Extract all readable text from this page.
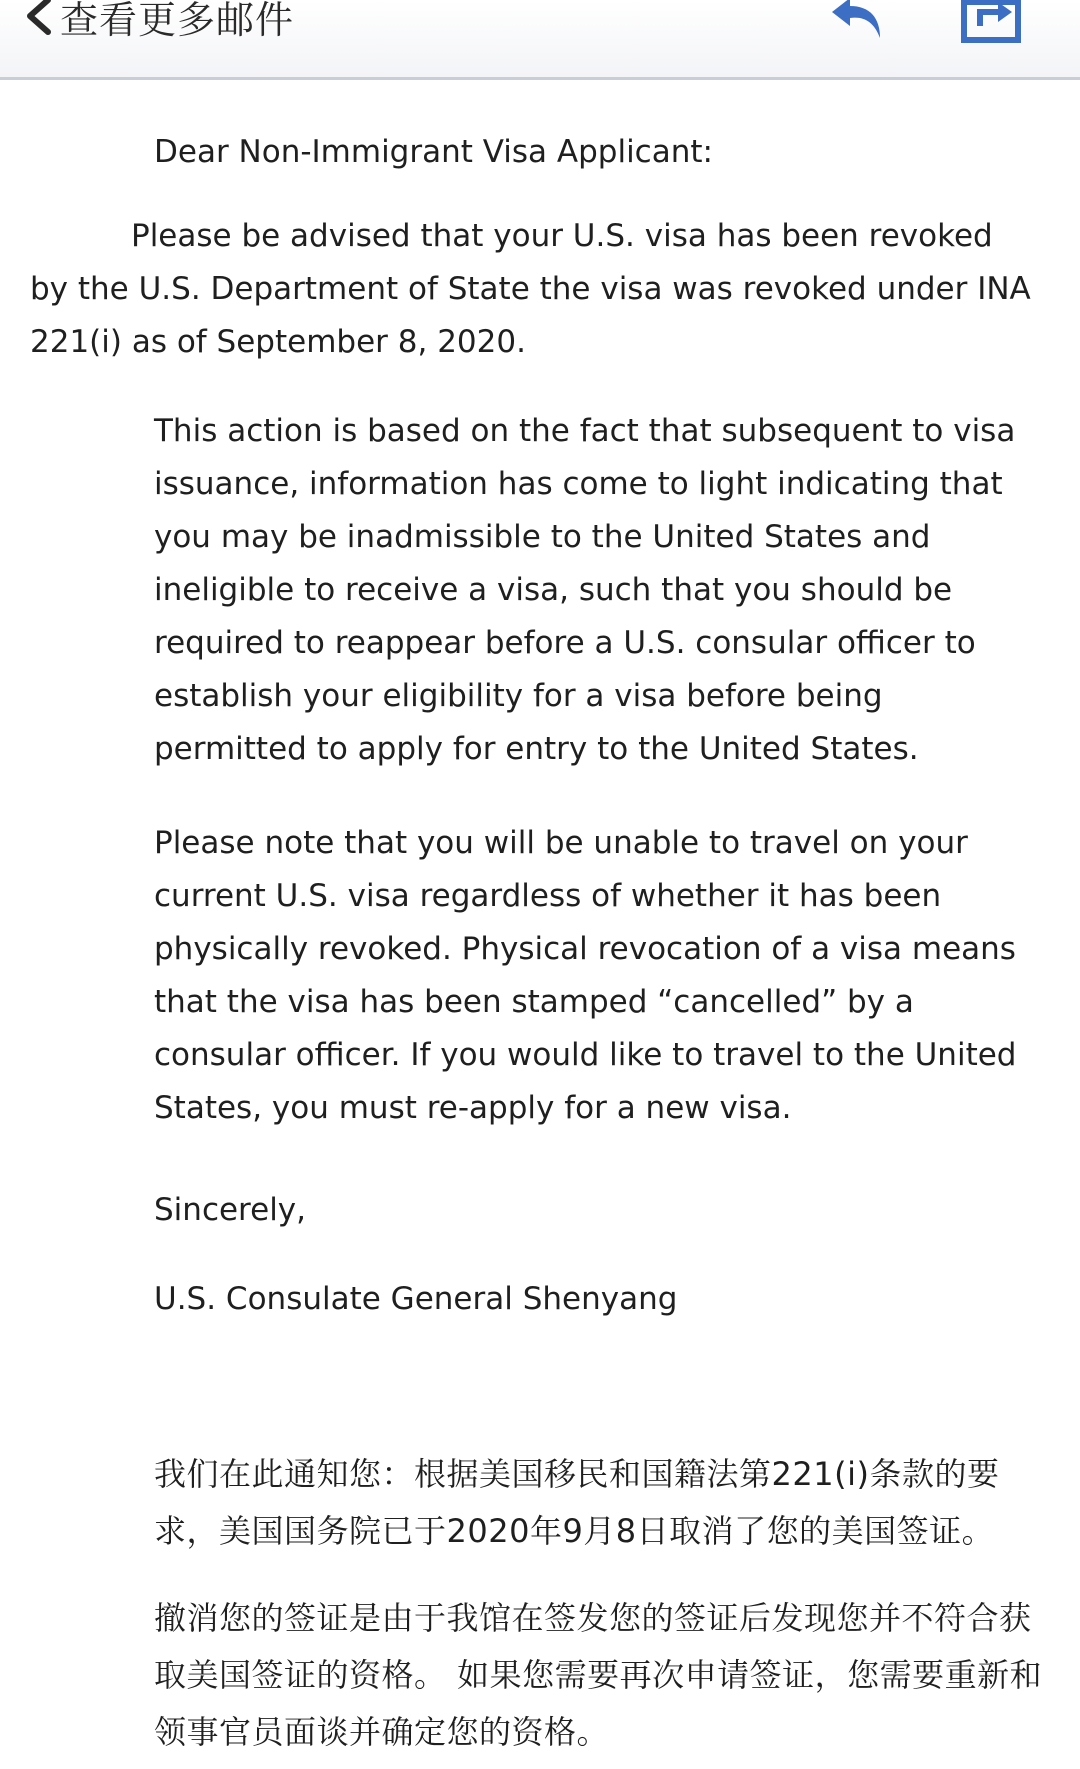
查看更多邮件

Dear Non-Immigrant Visa Applicant:

Please be advised that your U.S. visa has been revoked by the U.S. Department of State the visa was revoked under INA 221(i) as of September 8, 2020.

This action is based on the fact that subsequent to visa issuance, information has come to light indicating that you may be inadmissible to the United States and ineligible to receive a visa, such that you should be required to reappear before a U.S. consular officer to establish your eligibility for a visa before being permitted to apply for entry to the United States.

Please note that you will be unable to travel on your current U.S. visa regardless of whether it has been physically revoked. Physical revocation of a visa means that the visa has been stamped “cancelled” by a consular officer. If you would like to travel to the United States, you must re-apply for a new visa.

Sincerely,

U.S. Consulate General Shenyang

我们在此通知您：根据美国移民和国籍法第221(i)条款的要求，美国国务院已于2020年9月8日取消了您的美国签证。

撤消您的签证是由于我馆在签发您的签证后发现您并不符合获取美国签证的资格。 如果您需要再次申请签证，您需要重新和领事官员面谈并确定您的资格。
